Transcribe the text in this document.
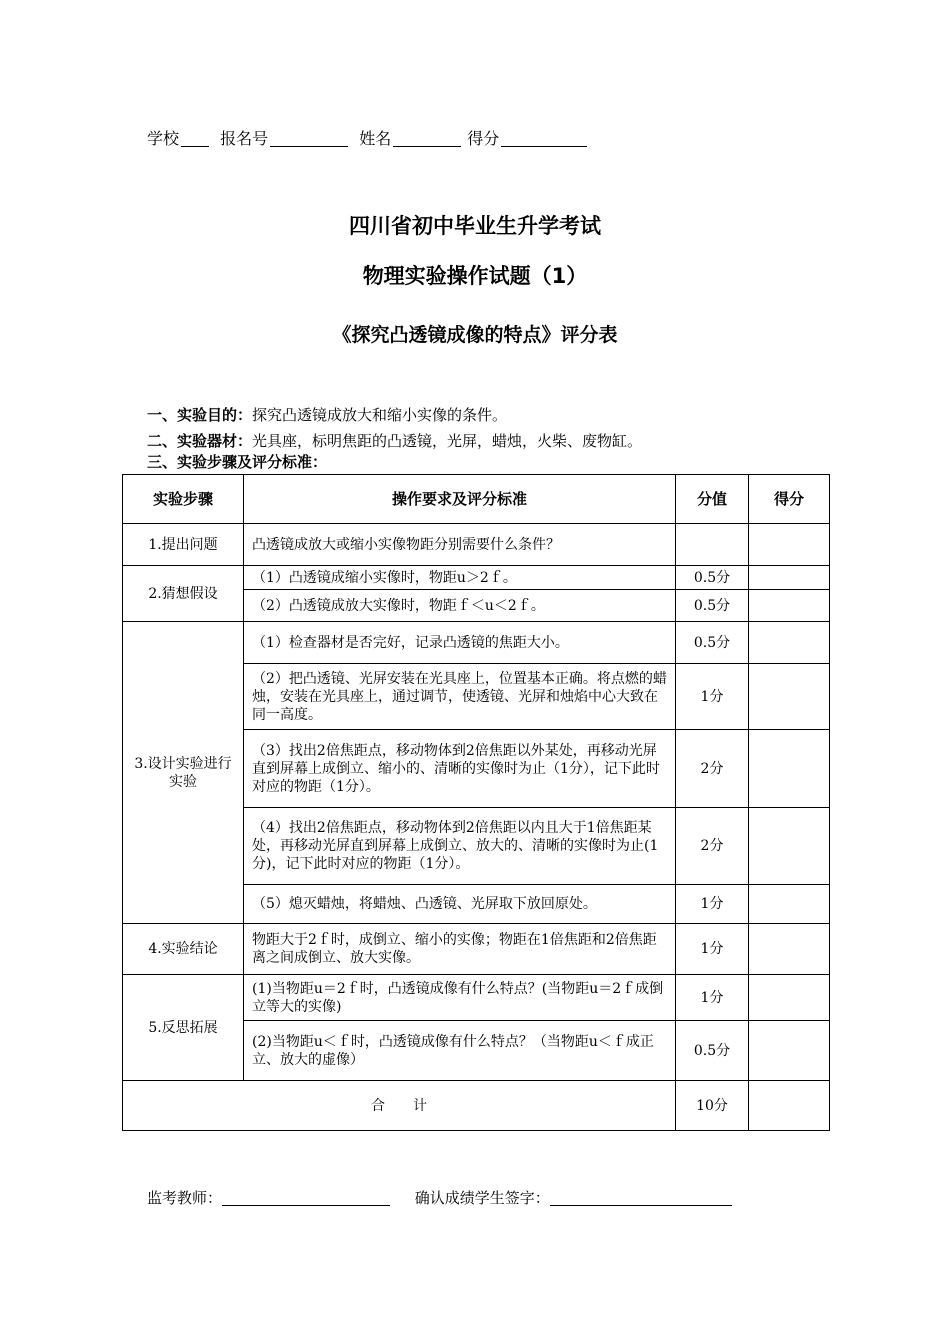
学校	报名号	姓名	得分
四川省初中毕业生升学考试
物理实验操作试题（1）
《探究凸透镜成像的特点》评分表
一、实验目的：探究凸透镜成放大和缩小实像的条件。
二、实验器材：光具座，标明焦距的凸透镜，光屏，蜡烛，火柴、废物缸。
三、实验步骤及评分标准：
实验步骤	操作要求及评分标准	分值	得分
1.提出问题	凸透镜成放大或缩小实像物距分别需要什么条件？		
2.猜想假设	（1）凸透镜成缩小实像时，物距u＞2ｆ。	0.5分	
	（2）凸透镜成放大实像时，物距ｆ＜u＜2ｆ。	0.5分	
3.设计实验进行实验	（1）检查器材是否完好，记录凸透镜的焦距大小。	0.5分	
	（2）把凸透镜、光屏安装在光具座上，位置基本正确。将点燃的蜡烛，安装在光具座上，通过调节，使透镜、光屏和烛焰中心大致在同一高度。	1分	
	（3）找出2倍焦距点，移动物体到2倍焦距以外某处，再移动光屏直到屏幕上成倒立、缩小的、清晰的实像时为止（1分），记下此时对应的物距（1分）。	2分	
	（4）找出2倍焦距点，移动物体到2倍焦距以内且大于1倍焦距某处，再移动光屏直到屏幕上成倒立、放大的、清晰的实像时为止(1分)，记下此时对应的物距（1分）。	2分	
	（5）熄灭蜡烛，将蜡烛、凸透镜、光屏取下放回原处。	1分	
4.实验结论	物距大于2ｆ时，成倒立、缩小的实像；物距在1倍焦距和2倍焦距离之间成倒立、放大实像。	1分	
5.反思拓展	(1)当物距u＝2ｆ时，凸透镜成像有什么特点？(当物距u＝2ｆ成倒立等大的实像)	1分	
	(2)当物距u＜ｆ时，凸透镜成像有什么特点？（当物距u＜ｆ成正立、放大的虚像）	0.5分	
合　　计		10分	
监考教师：	确认成绩学生签字：
